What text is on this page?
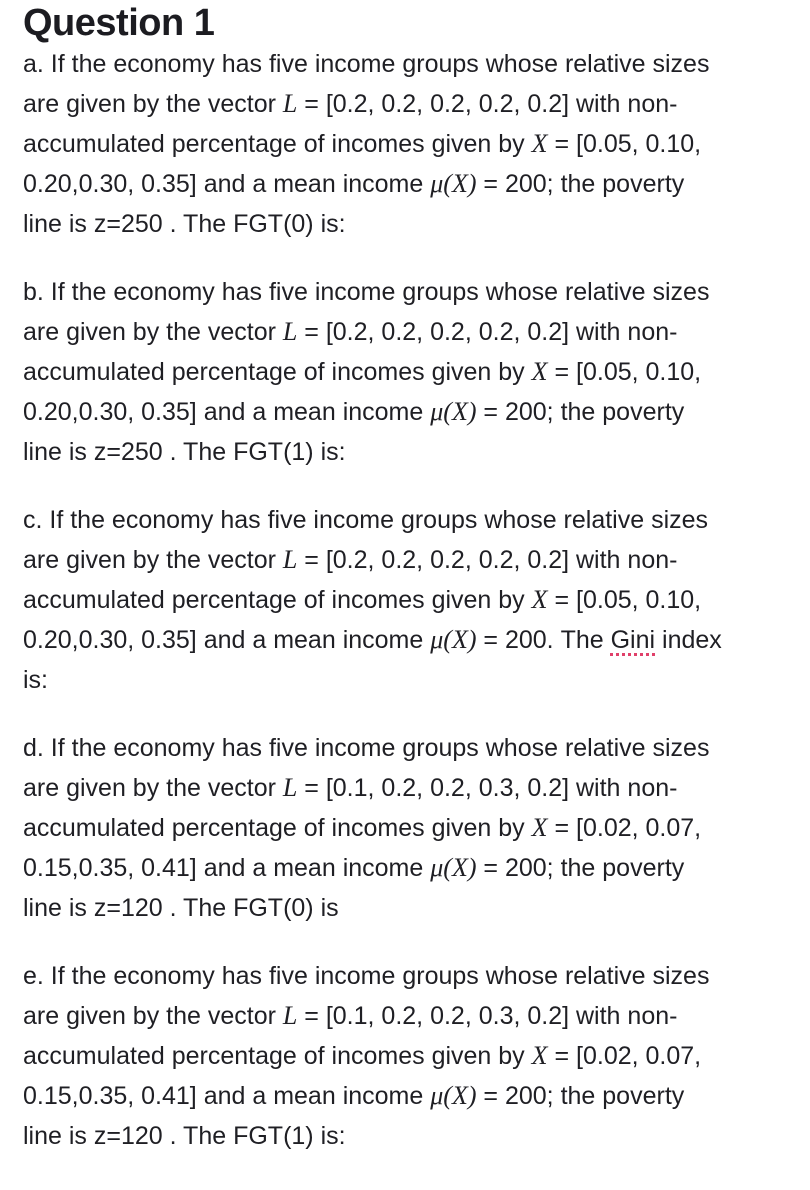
Question 1

a. If the economy has five income groups whose relative sizes
are given by the vector L = [0.2, 0.2, 0.2, 0.2, 0.2] with non-
accumulated percentage of incomes given by X = [0.05, 0.10,
0.20,0.30, 0.35] and a mean income μ(X) = 200; the poverty
line is z=250 . The FGT(0) is:

b. If the economy has five income groups whose relative sizes
are given by the vector L = [0.2, 0.2, 0.2, 0.2, 0.2] with non-
accumulated percentage of incomes given by X = [0.05, 0.10,
0.20,0.30, 0.35] and a mean income μ(X) = 200; the poverty
line is z=250 . The FGT(1) is:

c. If the economy has five income groups whose relative sizes
are given by the vector L = [0.2, 0.2, 0.2, 0.2, 0.2] with non-
accumulated percentage of incomes given by X = [0.05, 0.10,
0.20,0.30, 0.35] and a mean income μ(X) = 200. The Gini index
is:

d. If the economy has five income groups whose relative sizes
are given by the vector L = [0.1, 0.2, 0.2, 0.3, 0.2] with non-
accumulated percentage of incomes given by X = [0.02, 0.07,
0.15,0.35, 0.41] and a mean income μ(X) = 200; the poverty
line is z=120 . The FGT(0) is

e. If the economy has five income groups whose relative sizes
are given by the vector L = [0.1, 0.2, 0.2, 0.3, 0.2] with non-
accumulated percentage of incomes given by X = [0.02, 0.07,
0.15,0.35, 0.41] and a mean income μ(X) = 200; the poverty
line is z=120 . The FGT(1) is:
